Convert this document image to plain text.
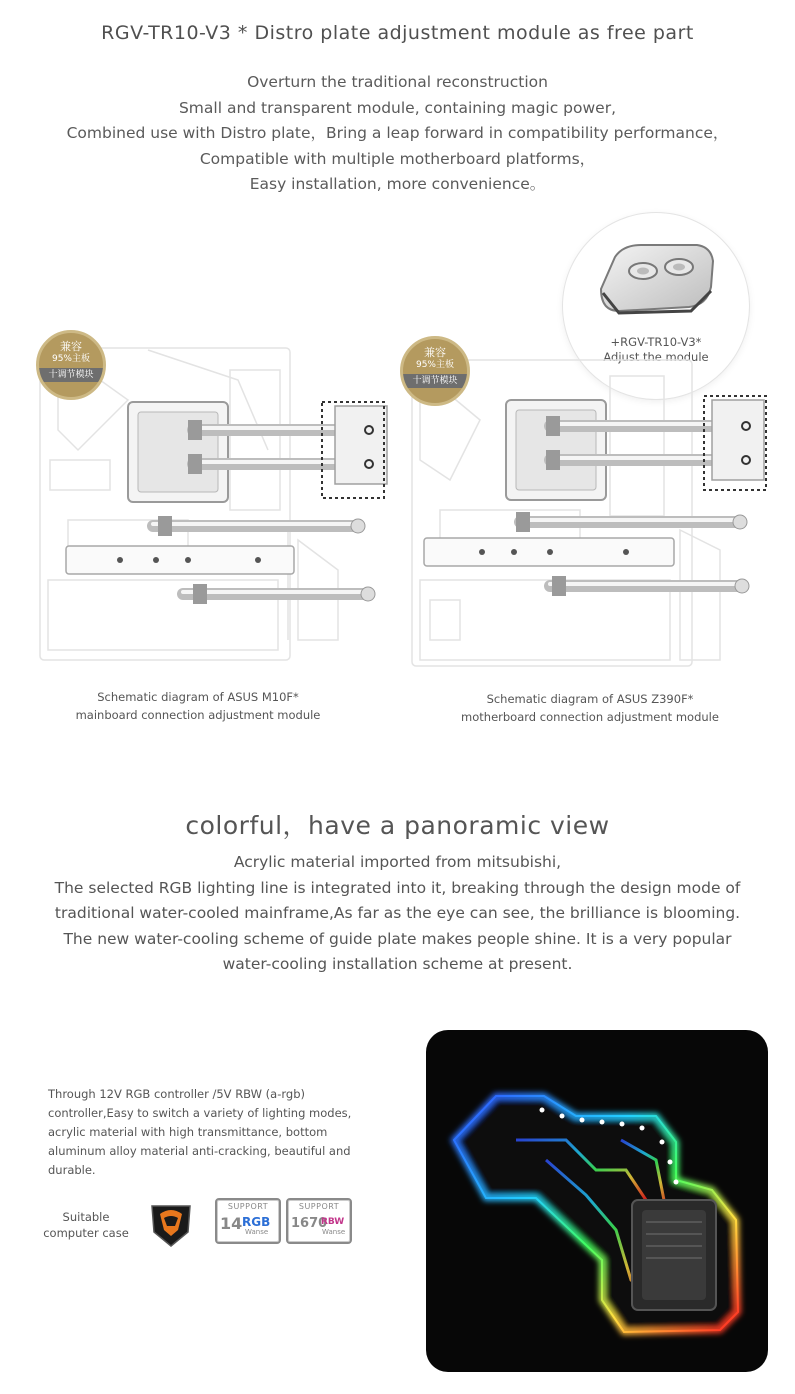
RGV-TR10-V3 * Distro plate adjustment module as free part
Overturn the traditional reconstruction
Small and transparent module, containing magic power,
Combined use with Distro plate，Bring a leap forward in compatibility performance，
Compatible with multiple motherboard platforms，
Easy installation, more convenience。
+RGV-TR10-V3*
Adjust the module
兼容
95%主板
十调节模块
Schematic diagram of ASUS M10F*
mainboard connection adjustment module
兼容
95%主板
十调节模块
Schematic diagram of ASUS Z390F*
motherboard connection adjustment module
colorful，have a panoramic view
Acrylic material imported from mitsubishi,
The selected RGB lighting line is integrated into it, breaking through the design mode of
traditional water-cooled mainframe,As far as the eye can see, the brilliance is blooming.
The new water-cooling scheme of guide plate makes people shine. It is a very popular
water-cooling installation scheme at present.
Through 12V RGB controller /5V RBW (a-rgb)
controller,Easy to switch a variety of lighting modes,
acrylic material with high transmittance, bottom
aluminum alloy material anti-cracking, beautiful and
durable.
Suitable
computer case
SUPPORT
14 RGB
Wanse
SUPPORT
1670
RBW
Wanse
